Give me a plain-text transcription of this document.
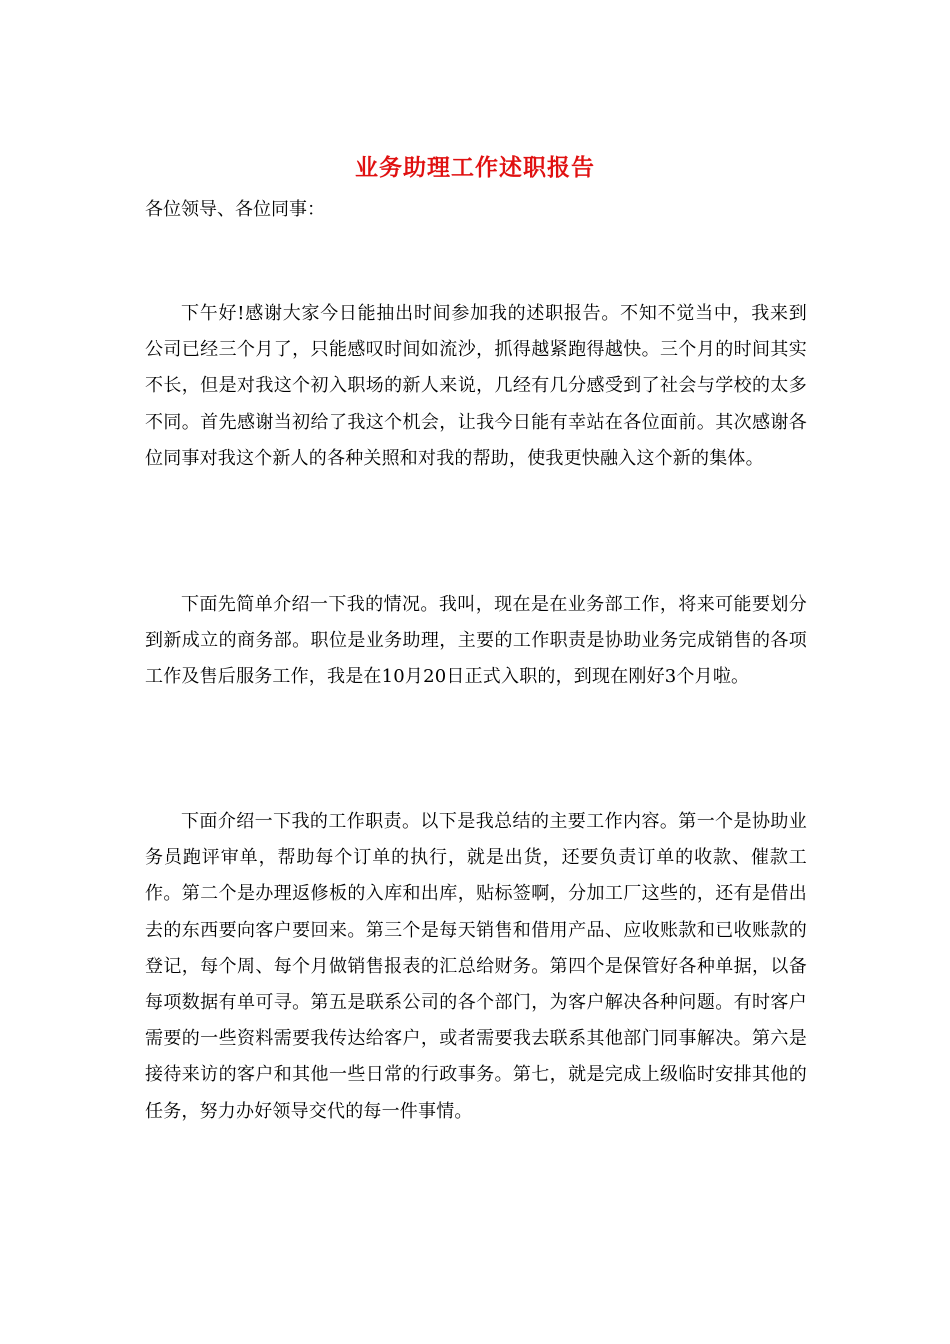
业务助理工作述职报告

各位领导、各位同事：

下午好!感谢大家今日能抽出时间参加我的述职报告。不知不觉当中，我来到公司已经三个月了，只能感叹时间如流沙，抓得越紧跑得越快。三个月的时间其实不长，但是对我这个初入职场的新人来说，几经有几分感受到了社会与学校的太多不同。首先感谢当初给了我这个机会，让我今日能有幸站在各位面前。其次感谢各位同事对我这个新人的各种关照和对我的帮助，使我更快融入这个新的集体。

下面先简单介绍一下我的情况。我叫，现在是在业务部工作，将来可能要划分到新成立的商务部。职位是业务助理，主要的工作职责是协助业务完成销售的各项工作及售后服务工作，我是在10月20日正式入职的，到现在刚好3个月啦。

下面介绍一下我的工作职责。以下是我总结的主要工作内容。第一个是协助业务员跑评审单，帮助每个订单的执行，就是出货，还要负责订单的收款、催款工作。第二个是办理返修板的入库和出库，贴标签啊，分加工厂这些的，还有是借出去的东西要向客户要回来。第三个是每天销售和借用产品、应收账款和已收账款的登记，每个周、每个月做销售报表的汇总给财务。第四个是保管好各种单据，以备每项数据有单可寻。第五是联系公司的各个部门，为客户解决各种问题。有时客户需要的一些资料需要我传达给客户，或者需要我去联系其他部门同事解决。第六是接待来访的客户和其他一些日常的行政事务。第七，就是完成上级临时安排其他的任务，努力办好领导交代的每一件事情。
